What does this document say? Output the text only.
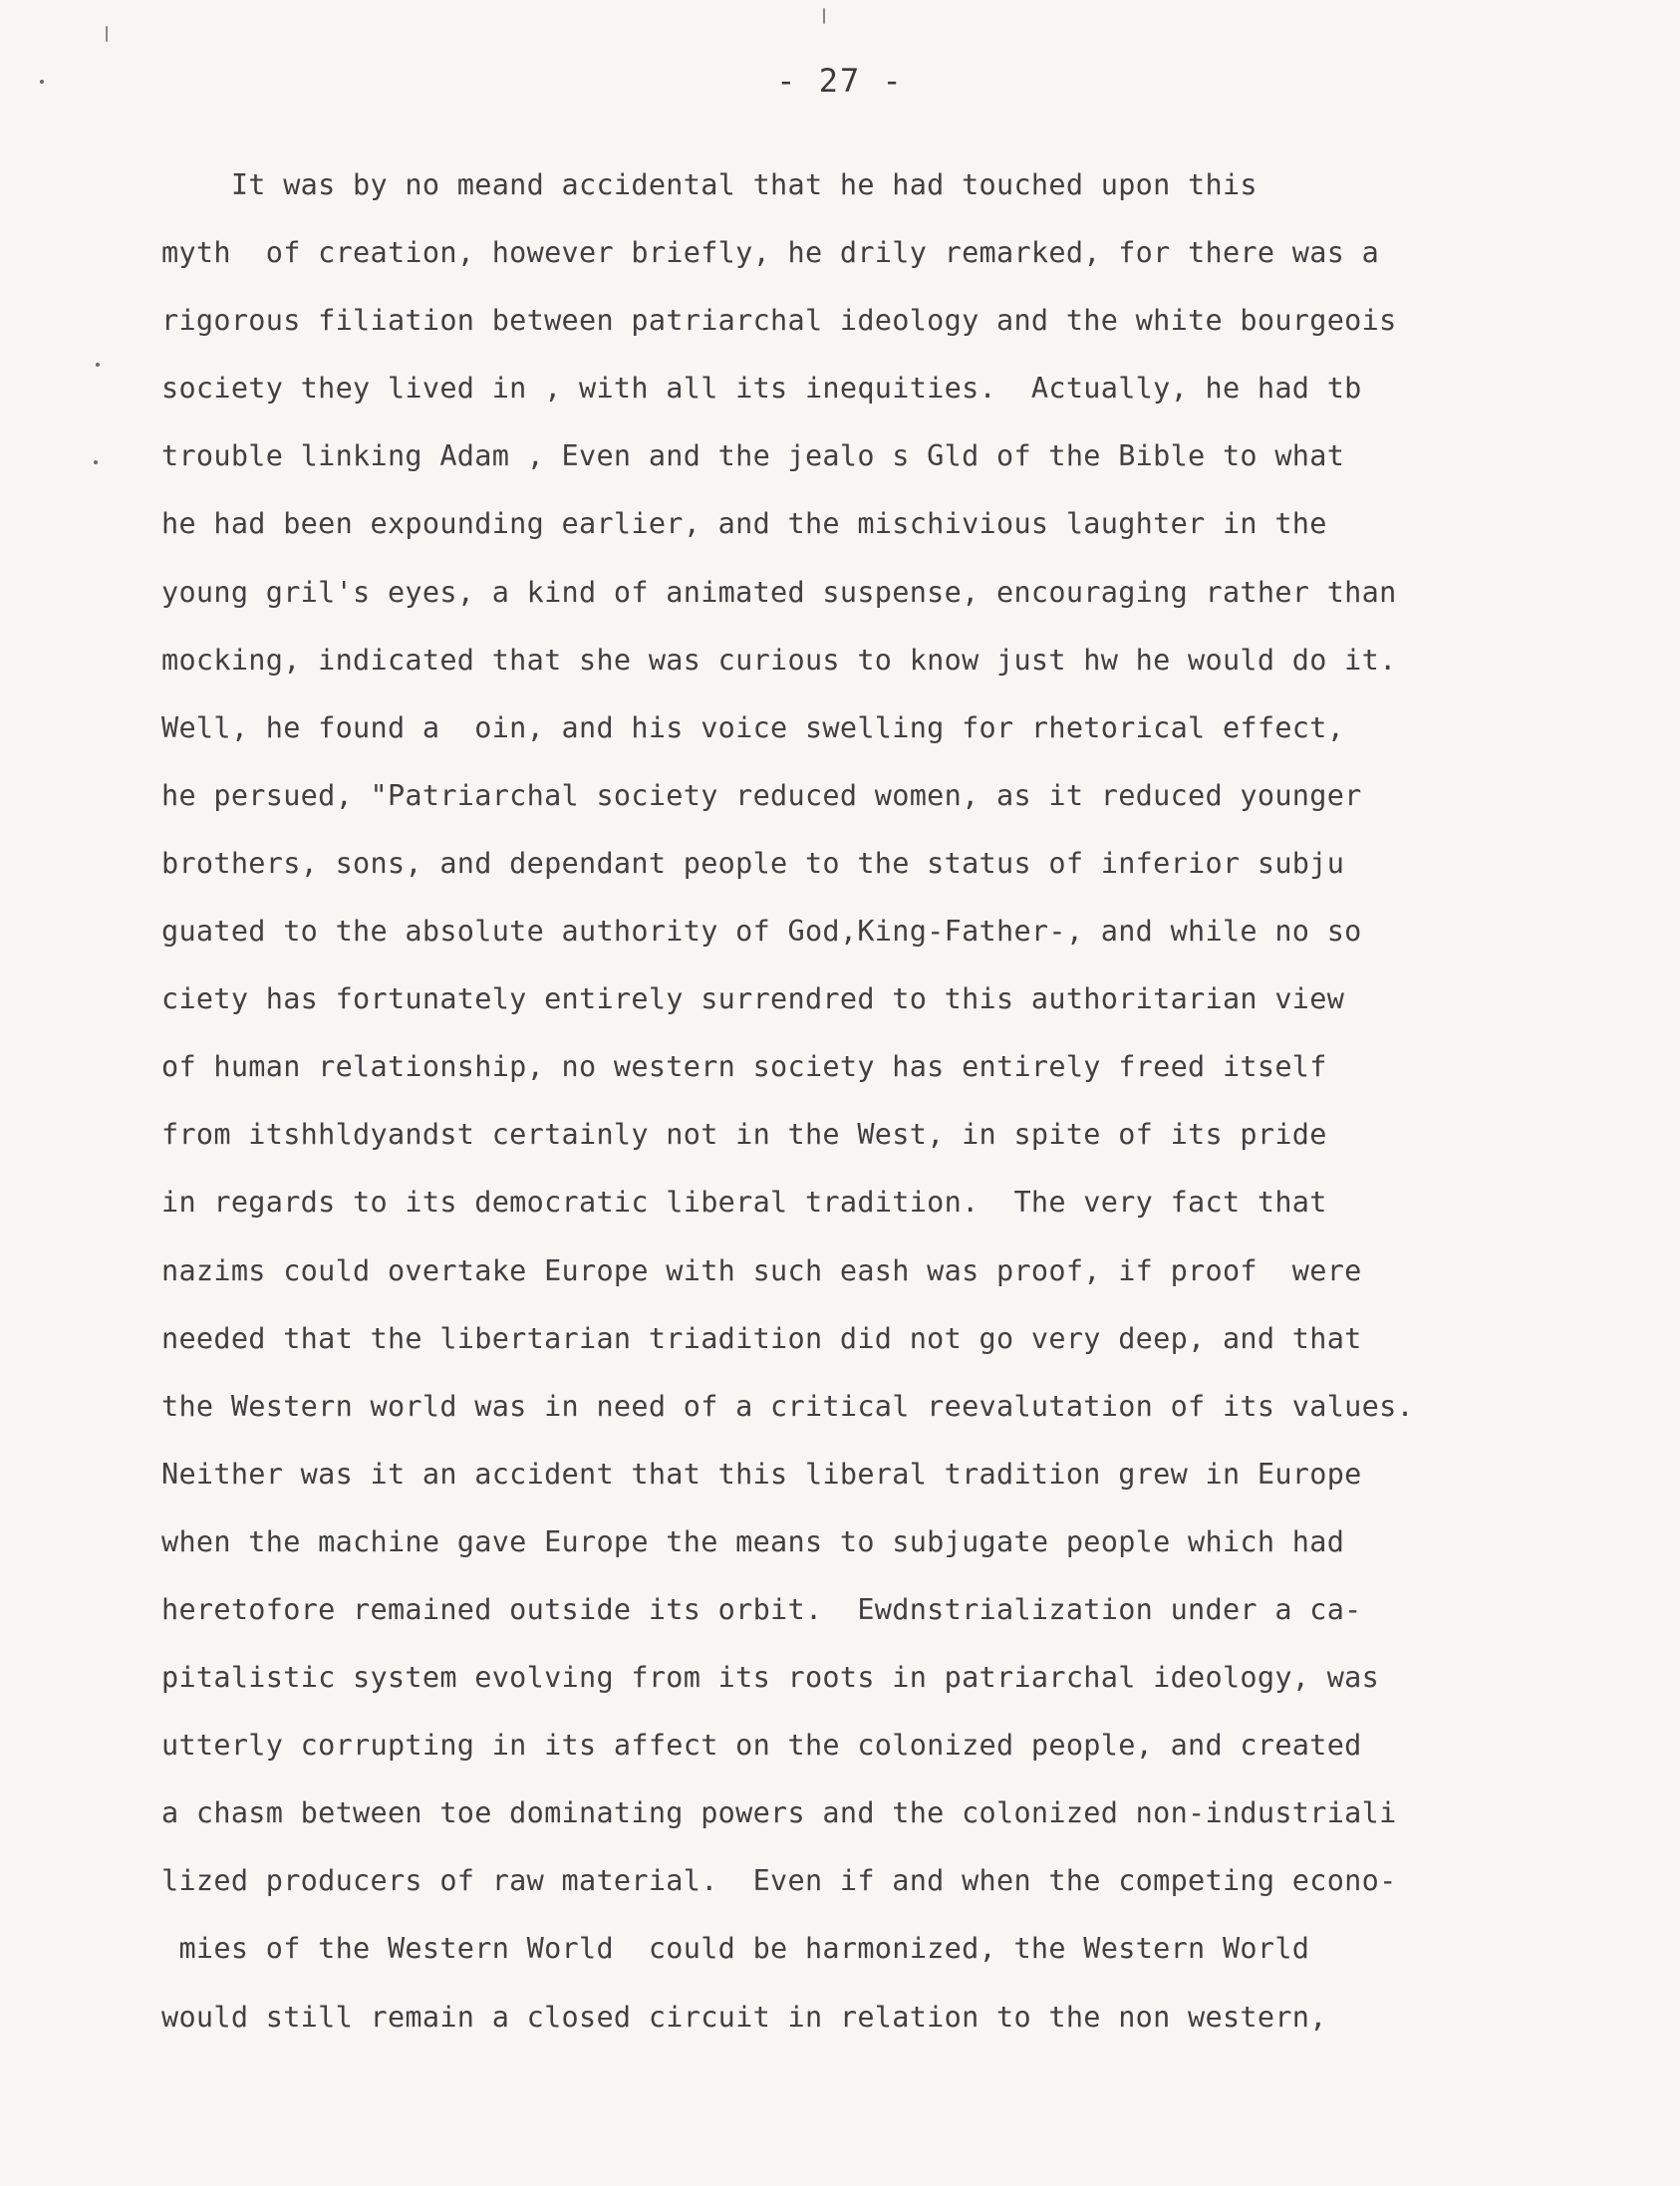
- 27 -
It was by no meand accidental that he had touched upon this
myth  of creation, however briefly, he drily remarked, for there was a
rigorous filiation between patriarchal ideology and the white bourgeois
society they lived in , with all its inequities.  Actually, he had tb
trouble linking Adam , Even and the jealo s Gld of the Bible to what
he had been expounding earlier, and the mischivious laughter in the
young gril's eyes, a kind of animated suspense, encouraging rather than
mocking, indicated that she was curious to know just hw he would do it.
Well, he found a  oin, and his voice swelling for rhetorical effect,
he persued, "Patriarchal society reduced women, as it reduced younger
brothers, sons, and dependant people to the status of inferior subju
guated to the absolute authority of God,King-Father-, and while no so
ciety has fortunately entirely surrendred to this authoritarian view
of human relationship, no western society has entirely freed itself
from itshhldyandst certainly not in the West, in spite of its pride
in regards to its democratic liberal tradition.  The very fact that
nazims could overtake Europe with such eash was proof, if proof  were
needed that the libertarian triadition did not go very deep, and that
the Western world was in need of a critical reevalutation of its values.
Neither was it an accident that this liberal tradition grew in Europe
when the machine gave Europe the means to subjugate people which had
heretofore remained outside its orbit.  Ewdnstrialization under a ca-
pitalistic system evolving from its roots in patriarchal ideology, was
utterly corrupting in its affect on the colonized people, and created
a chasm between toe dominating powers and the colonized non-industriali
lized producers of raw material.  Even if and when the competing econo-
mies of the Western World  could be harmonized, the Western World
would still remain a closed circuit in relation to the non western,
